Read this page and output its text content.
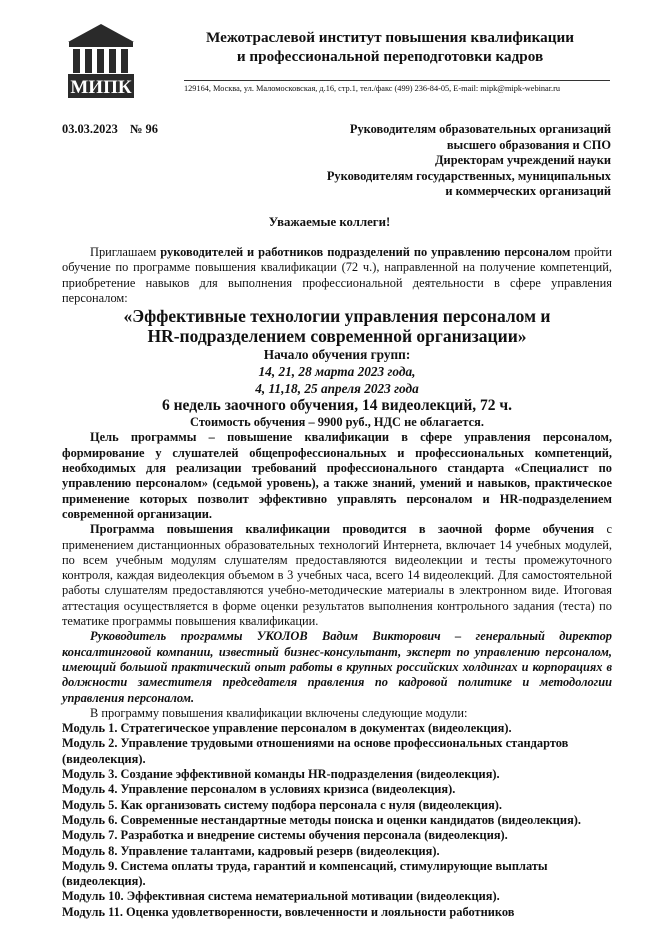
МИПК
Межотраслевой институт повышения квалификации
и профессиональной переподготовки кадров
129164, Москва, ул. Маломосковская, д.16, стр.1, тел./факс (499) 236-84-05, E-mail: mipk@mipk-webinar.ru
03.03.2023 № 96	Руководителям образовательных организаций
высшего образования и СПО
Директорам учреждений науки
Руководителям государственных, муниципальных
и коммерческих организаций
Уважаемые коллеги!

Приглашаем руководителей и работников подразделений по управлению персоналом пройти обучение по программе повышения квалификации (72 ч.), направленной на получение компетенций, приобретение навыков для выполнения профессиональной деятельности в сфере управления персоналом:

«Эффективные технологии управления персоналом и

HR-подразделением современной организации»

Начало обучения групп:

14, 21, 28 марта 2023 года,

4, 11,18, 25 апреля 2023 года

6 недель заочного обучения, 14 видеолекций, 72 ч.

Стоимость обучения – 9900 руб., НДС не облагается.

Цель программы – повышение квалификации в сфере управления персоналом, формирование у слушателей общепрофессиональных и профессиональных компетенций, необходимых для реализации требований профессионального стандарта «Специалист по управлению персоналом» (седьмой уровень), а также знаний, умений и навыков, практическое применение которых позволит эффективно управлять персоналом и HR-подразделением современной организации.

Программа повышения квалификации проводится в заочной форме обучения с применением дистанционных образовательных технологий Интернета, включает 14 учебных модулей, по всем учебным модулям слушателям предоставляются видеолекции и тесты промежуточного контроля, каждая видеолекция объемом в 3 учебных часа, всего 14 видеолекций. Для самостоятельной работы слушателям предоставляются учебно-методические материалы в электронном виде. Итоговая аттестация осуществляется в форме оценки результатов выполнения контрольного задания (теста) по тематике программы повышения квалификации.

Руководитель программы УКОЛОВ Вадим Викторович – генеральный директор консалтинговой компании, известный бизнес-консультант, эксперт по управлению персоналом, имеющий большой практический опыт работы в крупных российских холдингах и корпорациях в должности заместителя председателя правления по кадровой политике и методологии управления персоналом.

В программу повышения квалификации включены следующие модули:

Модуль 1. Стратегическое управление персоналом в документах (видеолекция).

Модуль 2. Управление трудовыми отношениями на основе профессиональных стандартов (видеолекция).

Модуль 3. Создание эффективной команды HR-подразделения (видеолекция).

Модуль 4. Управление персоналом в условиях кризиса (видеолекция).

Модуль 5. Как организовать систему подбора персонала с нуля (видеолекция).

Модуль 6. Современные нестандартные методы поиска и оценки кандидатов (видеолекция).

Модуль 7. Разработка и внедрение системы обучения персонала (видеолекция).

Модуль 8. Управление талантами, кадровый резерв (видеолекция).

Модуль 9. Система оплаты труда, гарантий и компенсаций, стимулирующие выплаты (видеолекция).

Модуль 10. Эффективная система нематериальной мотивации (видеолекция).

Модуль 11. Оценка удовлетворенности, вовлеченности и лояльности работников
